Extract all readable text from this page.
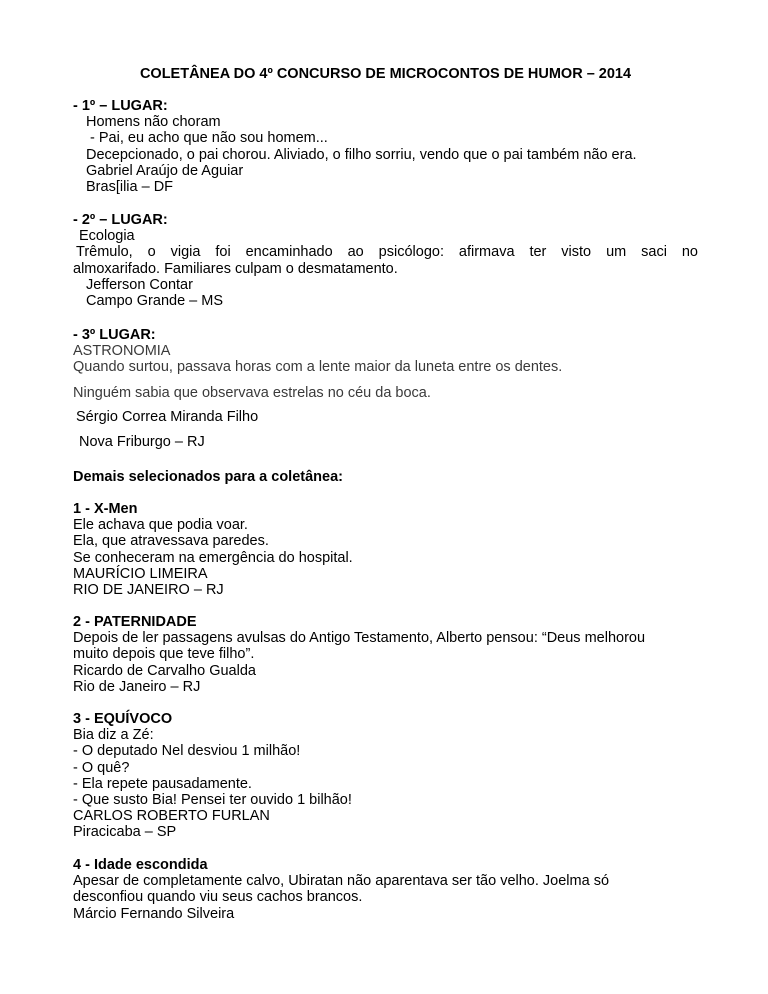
COLETÂNEA DO 4º CONCURSO DE MICROCONTOS DE HUMOR – 2014
- 1º – LUGAR:
Homens não choram
- Pai, eu acho que não sou homem...
Decepcionado, o pai chorou. Aliviado, o filho sorriu, vendo que o pai também não era.
Gabriel Araújo de Aguiar
Bras[ilia – DF
- 2º – LUGAR:
Ecologia
Trêmulo, o vigia foi encaminhado ao psicólogo: afirmava ter visto um saci no
almoxarifado. Familiares culpam o desmatamento.
Jefferson Contar
Campo Grande – MS
- 3º LUGAR:
ASTRONOMIA
Quando surtou, passava horas com a lente maior da luneta entre os dentes.
Ninguém sabia que observava estrelas no céu da boca.
Sérgio Correa Miranda Filho
Nova Friburgo – RJ
Demais selecionados para a coletânea:
1 - X-Men
Ele achava que podia voar.
Ela, que atravessava paredes.
Se conheceram na emergência do hospital.
MAURÍCIO LIMEIRA
RIO DE JANEIRO – RJ
2 - PATERNIDADE
Depois de ler passagens avulsas do Antigo Testamento, Alberto pensou: “Deus melhorou
muito depois que teve filho”.
Ricardo de Carvalho Gualda
Rio de Janeiro – RJ
3 - EQUÍVOCO
Bia diz a Zé:
- O deputado Nel desviou 1 milhão!
- O quê?
- Ela repete pausadamente.
- Que susto Bia! Pensei ter ouvido 1 bilhão!
CARLOS ROBERTO FURLAN
Piracicaba – SP
4 - Idade escondida
Apesar de completamente calvo, Ubiratan não aparentava ser tão velho. Joelma só
desconfiou quando viu seus cachos brancos.
Márcio Fernando Silveira
